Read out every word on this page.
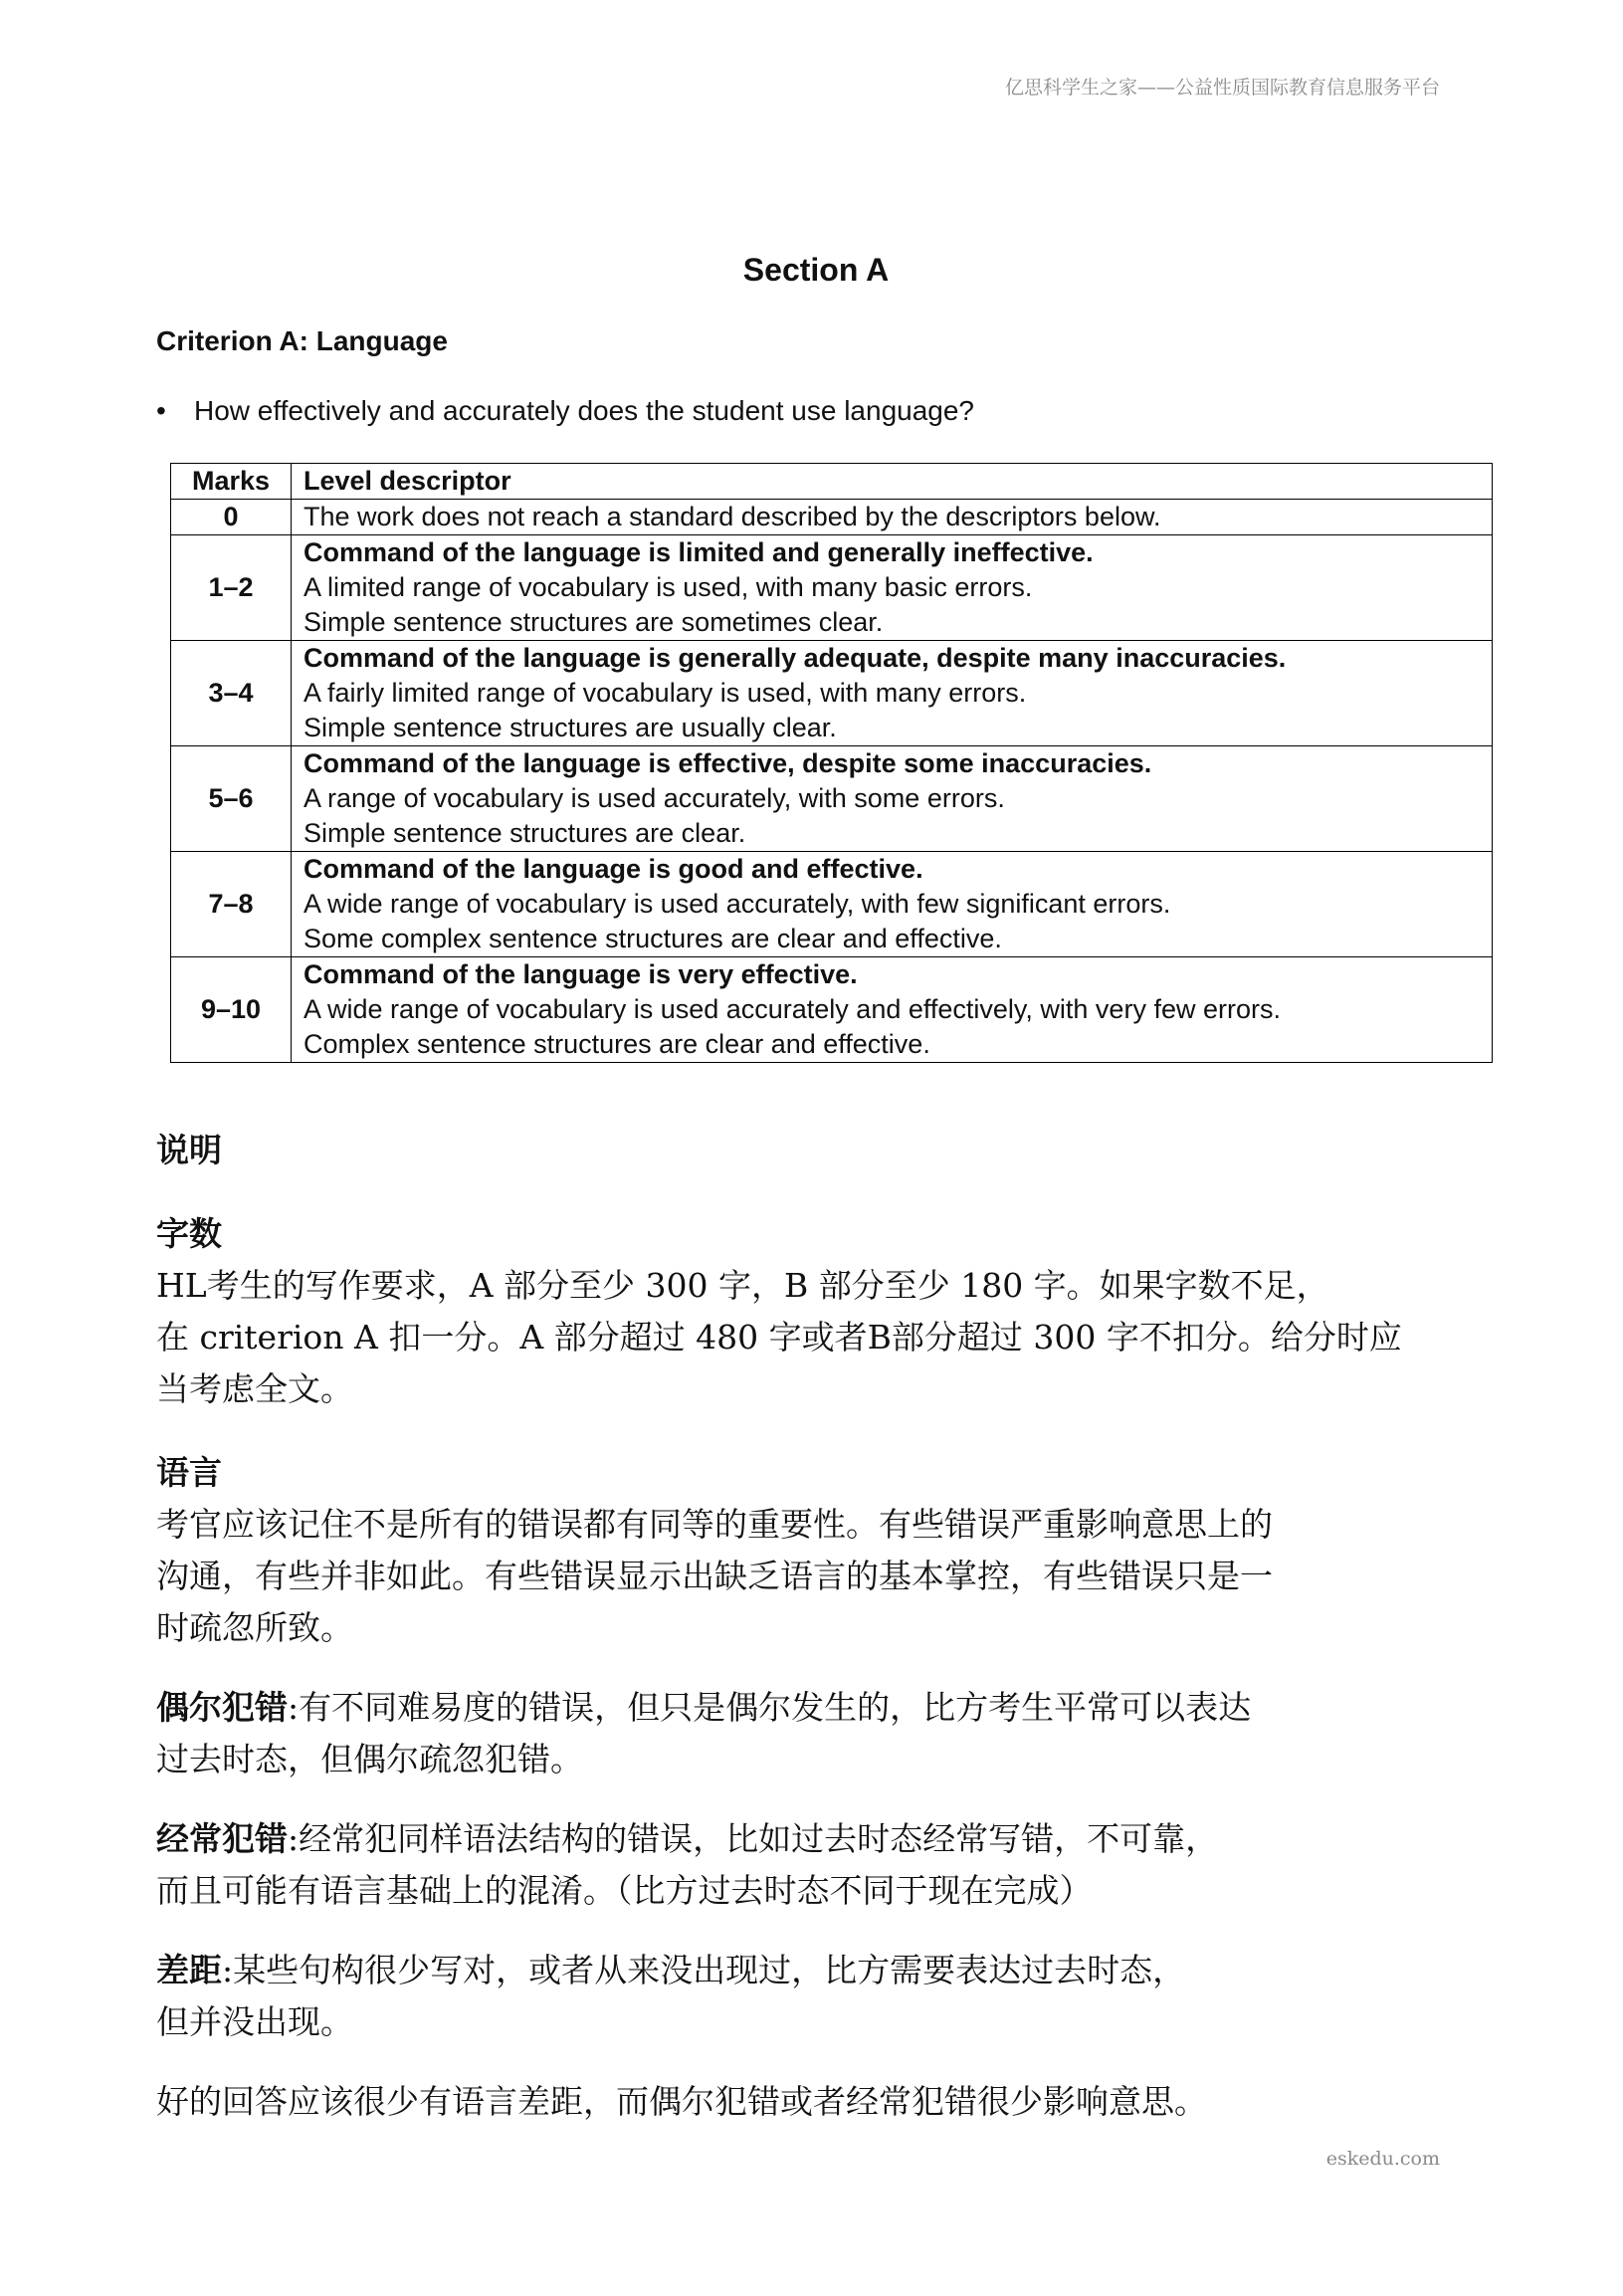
亿思科学生之家——公益性质国际教育信息服务平台
Section A
Criterion A: Language
• How effectively and accurately does the student use language?
Marks	Level descriptor
0	The work does not reach a standard described by the descriptors below.

1–2	Command of the language is limited and generally ineffective.
A limited range of vocabulary is used, with many basic errors.
Simple sentence structures are sometimes clear.

3–4	Command of the language is generally adequate, despite many inaccuracies.
A fairly limited range of vocabulary is used, with many errors.
Simple sentence structures are usually clear.

5–6	Command of the language is effective, despite some inaccuracies.
A range of vocabulary is used accurately, with some errors.
Simple sentence structures are clear.

7–8	Command of the language is good and effective.
A wide range of vocabulary is used accurately, with few significant errors.
Some complex sentence structures are clear and effective.

9–10	Command of the language is very effective.
A wide range of vocabulary is used accurately and effectively, with very few errors.
Complex sentence structures are clear and effective.

说明

字数

HL考生的写作要求，A 部分至少 300 字，B 部分至少 180 字。如果字数不足，

在 criterion A 扣一分。A 部分超过 480 字或者B部分超过 300 字不扣分。给分时应

当考虑全文。

语言

考官应该记住不是所有的错误都有同等的重要性。有些错误严重影响意思上的

沟通，有些并非如此。有些错误显示出缺乏语言的基本掌控，有些错误只是一

时疏忽所致。

偶尔犯错:有不同难易度的错误，但只是偶尔发生的，比方考生平常可以表达

过去时态，但偶尔疏忽犯错。

经常犯错:经常犯同样语法结构的错误，比如过去时态经常写错，不可靠，

而且可能有语言基础上的混淆。（比方过去时态不同于现在完成）

差距:某些句构很少写对，或者从来没出现过，比方需要表达过去时态，

但并没出现。

好的回答应该很少有语言差距，而偶尔犯错或者经常犯错很少影响意思。

eskedu.com
